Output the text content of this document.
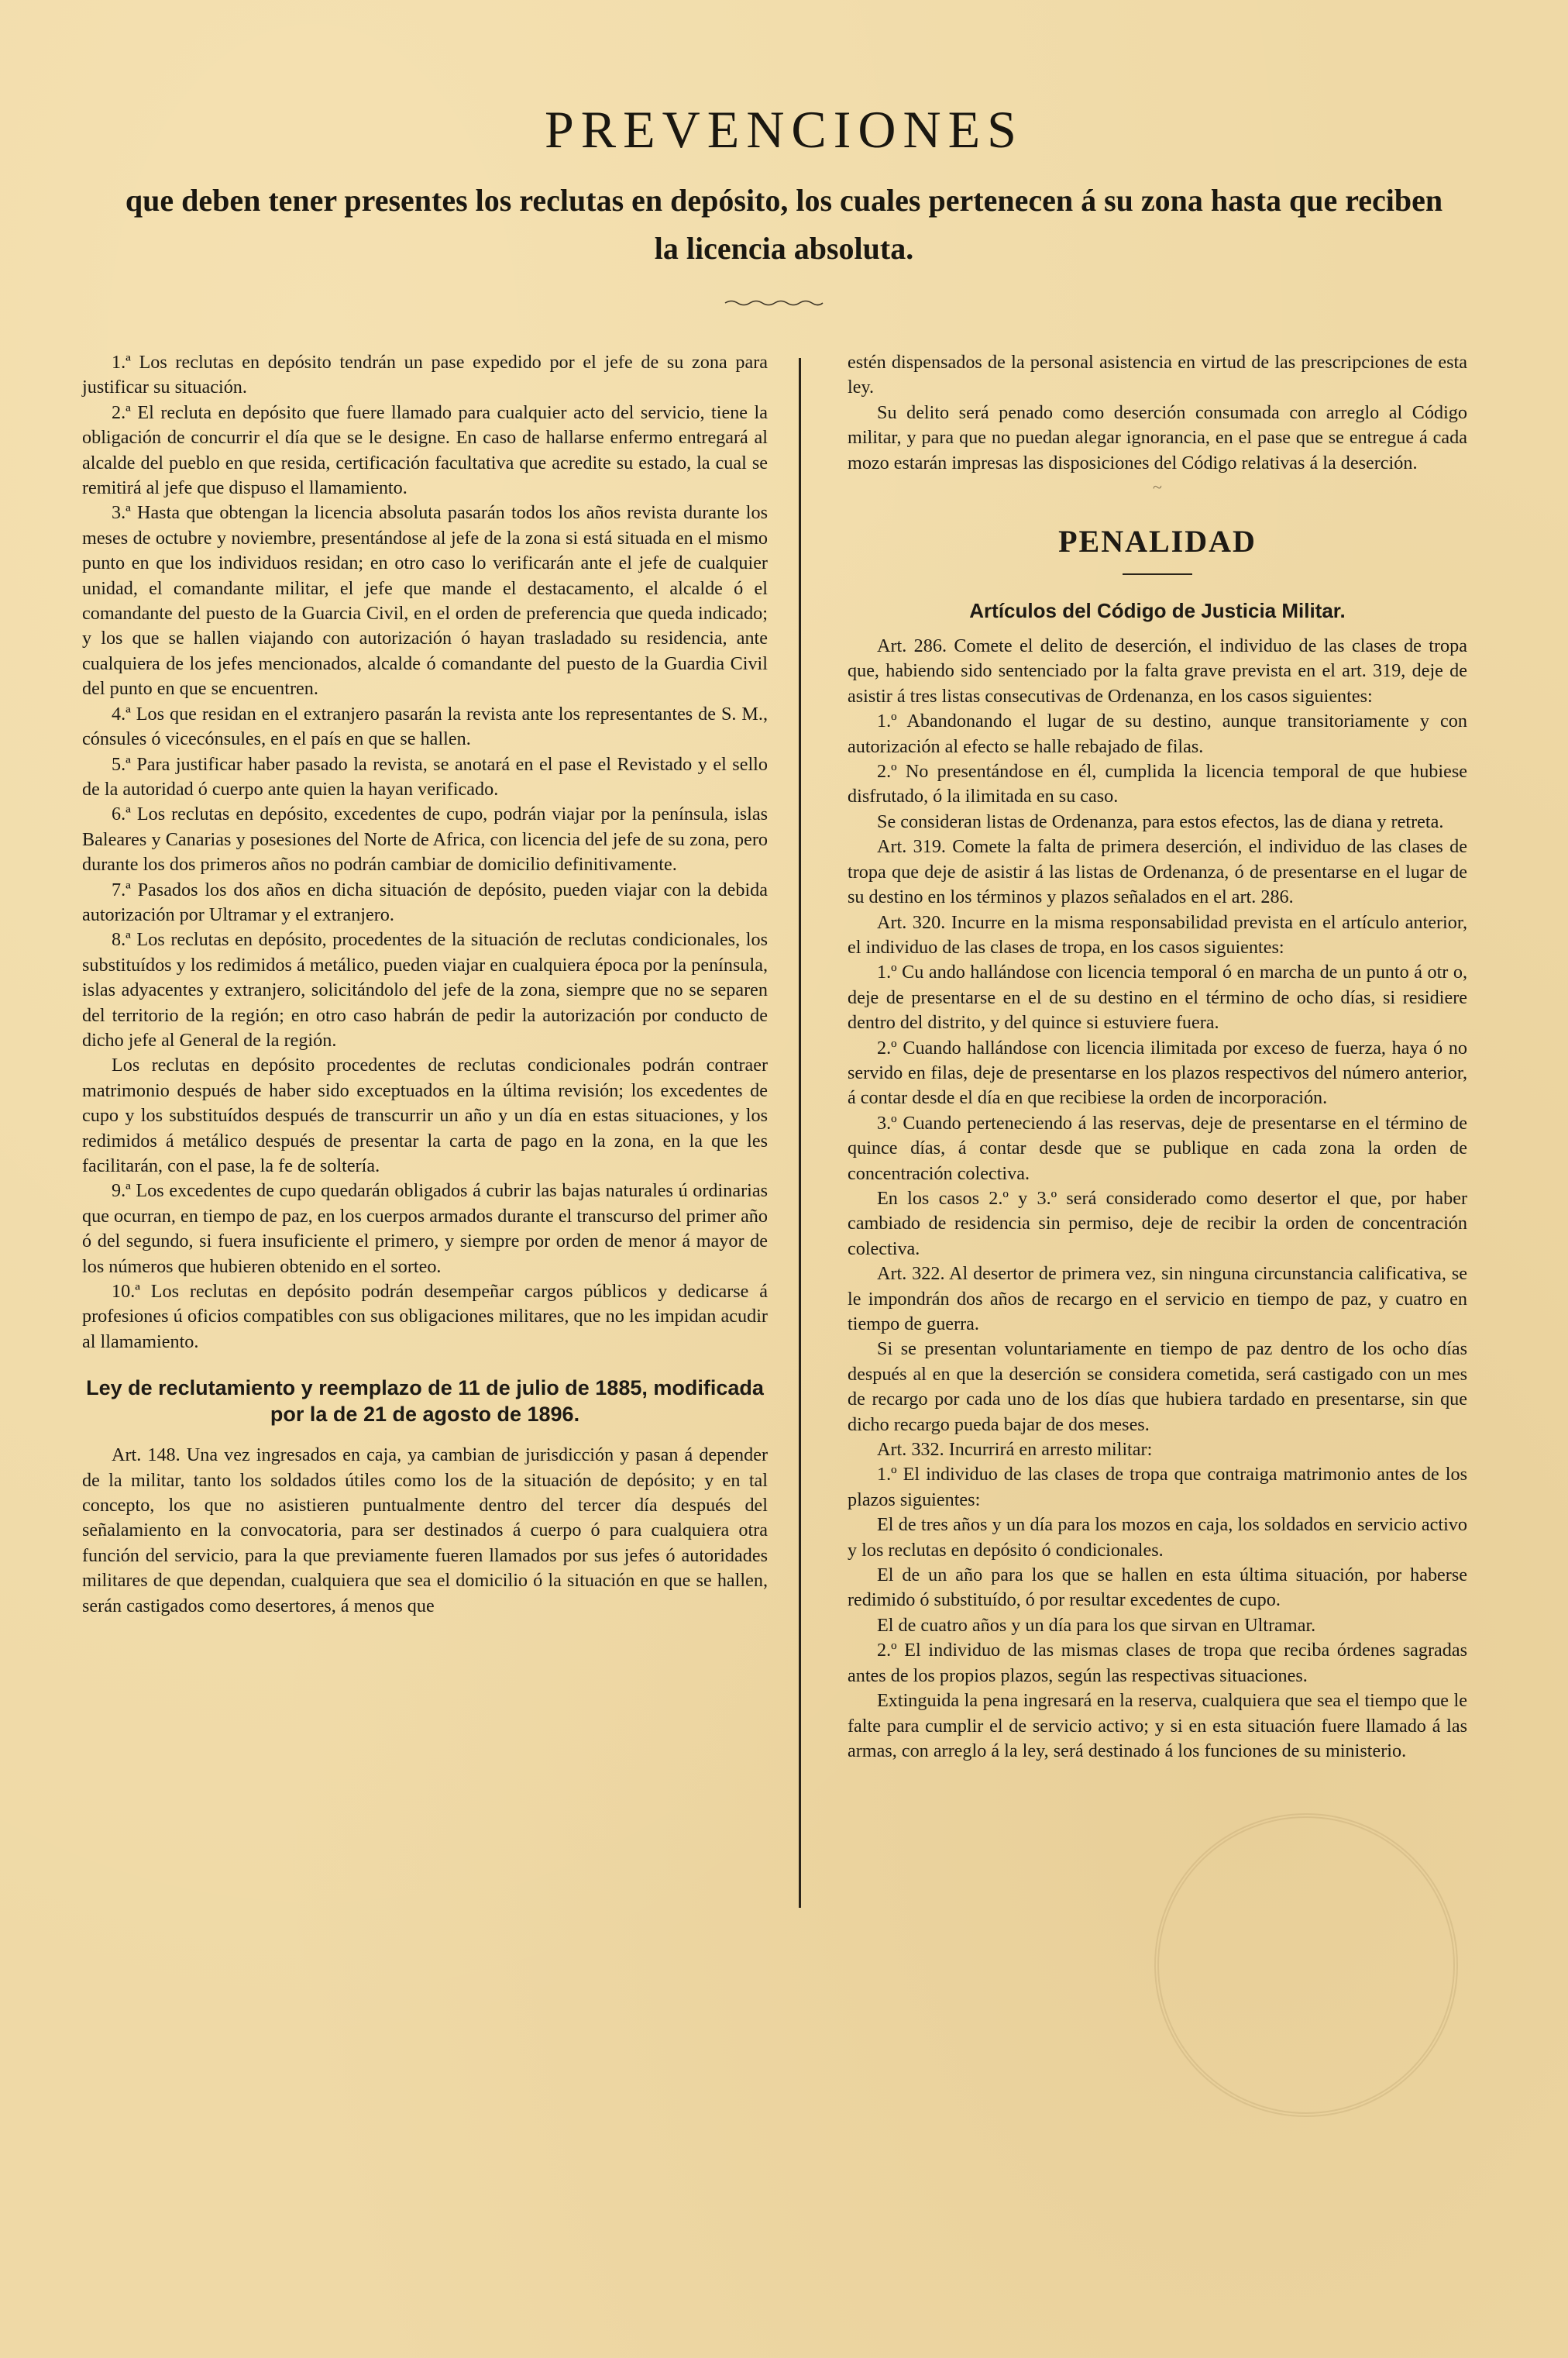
PREVENCIONES

que deben tener presentes los reclutas en depósito, los cuales pertenecen á su zona hasta que reciben la licencia absoluta.

1.ª Los reclutas en depósito tendrán un pase expedido por el jefe de su zona para justificar su situación.

2.ª El recluta en depósito que fuere llamado para cualquier acto del servicio, tiene la obligación de concurrir el día que se le designe. En caso de hallarse enfermo entregará al alcalde del pueblo en que resida, certificación facultativa que acredite su estado, la cual se remitirá al jefe que dispuso el llamamiento.

3.ª Hasta que obtengan la licencia absoluta pasarán todos los años revista durante los meses de octubre y noviembre, presentándose al jefe de la zona si está situada en el mismo punto en que los individuos residan; en otro caso lo verificarán ante el jefe de cualquier unidad, el comandante militar, el jefe que mande el destacamento, el alcalde ó el comandante del puesto de la Guarcia Civil, en el orden de preferencia que queda indicado; y los que se hallen viajando con autorización ó hayan trasladado su residencia, ante cualquiera de los jefes mencionados, alcalde ó comandante del puesto de la Guardia Civil del punto en que se encuentren.

4.ª Los que residan en el extranjero pasarán la revista ante los representantes de S. M., cónsules ó vicecónsules, en el país en que se hallen.

5.ª Para justificar haber pasado la revista, se anotará en el pase el Revistado y el sello de la autoridad ó cuerpo ante quien la hayan verificado.

6.ª Los reclutas en depósito, excedentes de cupo, podrán viajar por la península, islas Baleares y Canarias y posesiones del Norte de Africa, con licencia del jefe de su zona, pero durante los dos primeros años no podrán cambiar de domicilio definitivamente.

7.ª Pasados los dos años en dicha situación de depósito, pueden viajar con la debida autorización por Ultramar y el extranjero.

8.ª Los reclutas en depósito, procedentes de la situación de reclutas condicionales, los substituídos y los redimidos á metálico, pueden viajar en cualquiera época por la península, islas adyacentes y extranjero, solicitándolo del jefe de la zona, siempre que no se separen del territorio de la región; en otro caso habrán de pedir la autorización por conducto de dicho jefe al General de la región.

Los reclutas en depósito procedentes de reclutas condicionales podrán contraer matrimonio después de haber sido exceptuados en la última revisión; los excedentes de cupo y los substituídos después de transcurrir un año y un día en estas situaciones, y los redimidos á metálico después de presentar la carta de pago en la zona, en la que les facilitarán, con el pase, la fe de soltería.

9.ª Los excedentes de cupo quedarán obligados á cubrir las bajas naturales ú ordinarias que ocurran, en tiempo de paz, en los cuerpos armados durante el transcurso del primer año ó del segundo, si fuera insuficiente el primero, y siempre por orden de menor á mayor de los números que hubieren obtenido en el sorteo.

10.ª Los reclutas en depósito podrán desempeñar cargos públicos y dedicarse á profesiones ú oficios compatibles con sus obligaciones militares, que no les impidan acudir al llamamiento.

Ley de reclutamiento y reemplazo de 11 de julio de 1885, modificada por la de 21 de agosto de 1896.

Art. 148. Una vez ingresados en caja, ya cambian de jurisdicción y pasan á depender de la militar, tanto los soldados útiles como los de la situación de depósito; y en tal concepto, los que no asistieren puntualmente dentro del tercer día después del señalamiento en la convocatoria, para ser destinados á cuerpo ó para cualquiera otra función del servicio, para la que previamente fueren llamados por sus jefes ó autoridades militares de que dependan, cualquiera que sea el domicilio ó la situación en que se hallen, serán castigados como desertores, á menos que

estén dispensados de la personal asistencia en virtud de las prescripciones de esta ley.

Su delito será penado como deserción consumada con arreglo al Código militar, y para que no puedan alegar ignorancia, en el pase que se entregue á cada mozo estarán impresas las disposiciones del Código relativas á la deserción.

~
PENALIDAD
Artículos del Código de Justicia Militar.

Art. 286. Comete el delito de deserción, el individuo de las clases de tropa que, habiendo sido sentenciado por la falta grave prevista en el art. 319, deje de asistir á tres listas consecutivas de Ordenanza, en los casos siguientes:

1.º Abandonando el lugar de su destino, aunque transitoriamente y con autorización al efecto se halle rebajado de filas.

2.º No presentándose en él, cumplida la licencia temporal de que hubiese disfrutado, ó la ilimitada en su caso.

Se consideran listas de Ordenanza, para estos efectos, las de diana y retreta.

Art. 319. Comete la falta de primera deserción, el individuo de las clases de tropa que deje de asistir á las listas de Ordenanza, ó de presentarse en el lugar de su destino en los términos y plazos señalados en el art. 286.

Art. 320. Incurre en la misma responsabilidad prevista en el artículo anterior, el individuo de las clases de tropa, en los casos siguientes:

1.º Cu ando hallándose con licencia temporal ó en marcha de un punto á otr o, deje de presentarse en el de su destino en el término de ocho días, si residiere dentro del distrito, y del quince si estuviere fuera.

2.º Cuando hallándose con licencia ilimitada por exceso de fuerza, haya ó no servido en filas, deje de presentarse en los plazos respectivos del número anterior, á contar desde el día en que recibiese la orden de incorporación.

3.º Cuando perteneciendo á las reservas, deje de presentarse en el término de quince días, á contar desde que se publique en cada zona la orden de concentración colectiva.

En los casos 2.º y 3.º será considerado como desertor el que, por haber cambiado de residencia sin permiso, deje de recibir la orden de concentración colectiva.

Art. 322. Al desertor de primera vez, sin ninguna circunstancia calificativa, se le impondrán dos años de recargo en el servicio en tiempo de paz, y cuatro en tiempo de guerra.

Si se presentan voluntariamente en tiempo de paz dentro de los ocho días después al en que la deserción se considera cometida, será castigado con un mes de recargo por cada uno de los días que hubiera tardado en presentarse, sin que dicho recargo pueda bajar de dos meses.

Art. 332. Incurrirá en arresto militar:

1.º El individuo de las clases de tropa que contraiga matrimonio antes de los plazos siguientes:

El de tres años y un día para los mozos en caja, los soldados en servicio activo y los reclutas en depósito ó condicionales.

El de un año para los que se hallen en esta última situación, por haberse redimido ó substituído, ó por resultar excedentes de cupo.

El de cuatro años y un día para los que sirvan en Ultramar.

2.º El individuo de las mismas clases de tropa que reciba órdenes sagradas antes de los propios plazos, según las respectivas situaciones.

Extinguida la pena ingresará en la reserva, cualquiera que sea el tiempo que le falte para cumplir el de servicio activo; y si en esta situación fuere llamado á las armas, con arreglo á la ley, será destinado á los funciones de su ministerio.
